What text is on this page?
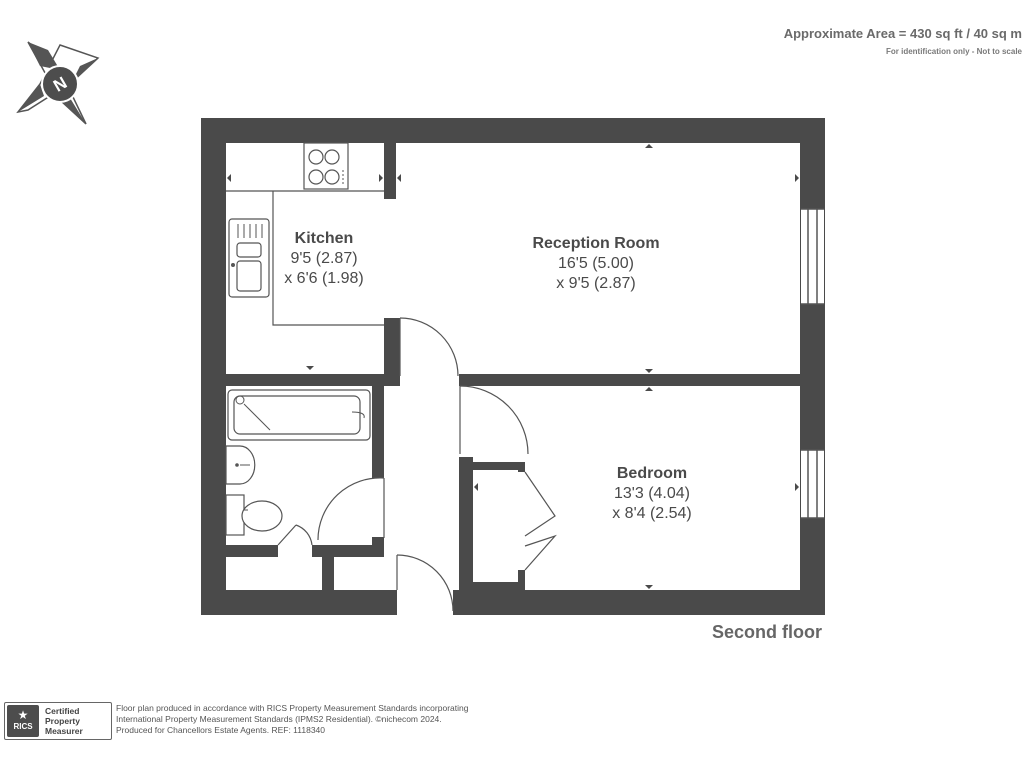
Approximate Area = 430 sq ft / 40 sq m
For identification only - Not to scale
N
Kitchen
9'5 (2.87)
x 6'6 (1.98)
Reception Room
16'5 (5.00)
x 9'5 (2.87)
Bedroom
13'3 (4.04)
x 8'4 (2.54)
Second floor
★
RICS
Certified
Property
Measurer
Floor plan produced in accordance with RICS Property Measurement Standards incorporating
International Property Measurement Standards (IPMS2 Residential). ©nichecom 2024.
Produced for Chancellors Estate Agents. REF: 1118340
